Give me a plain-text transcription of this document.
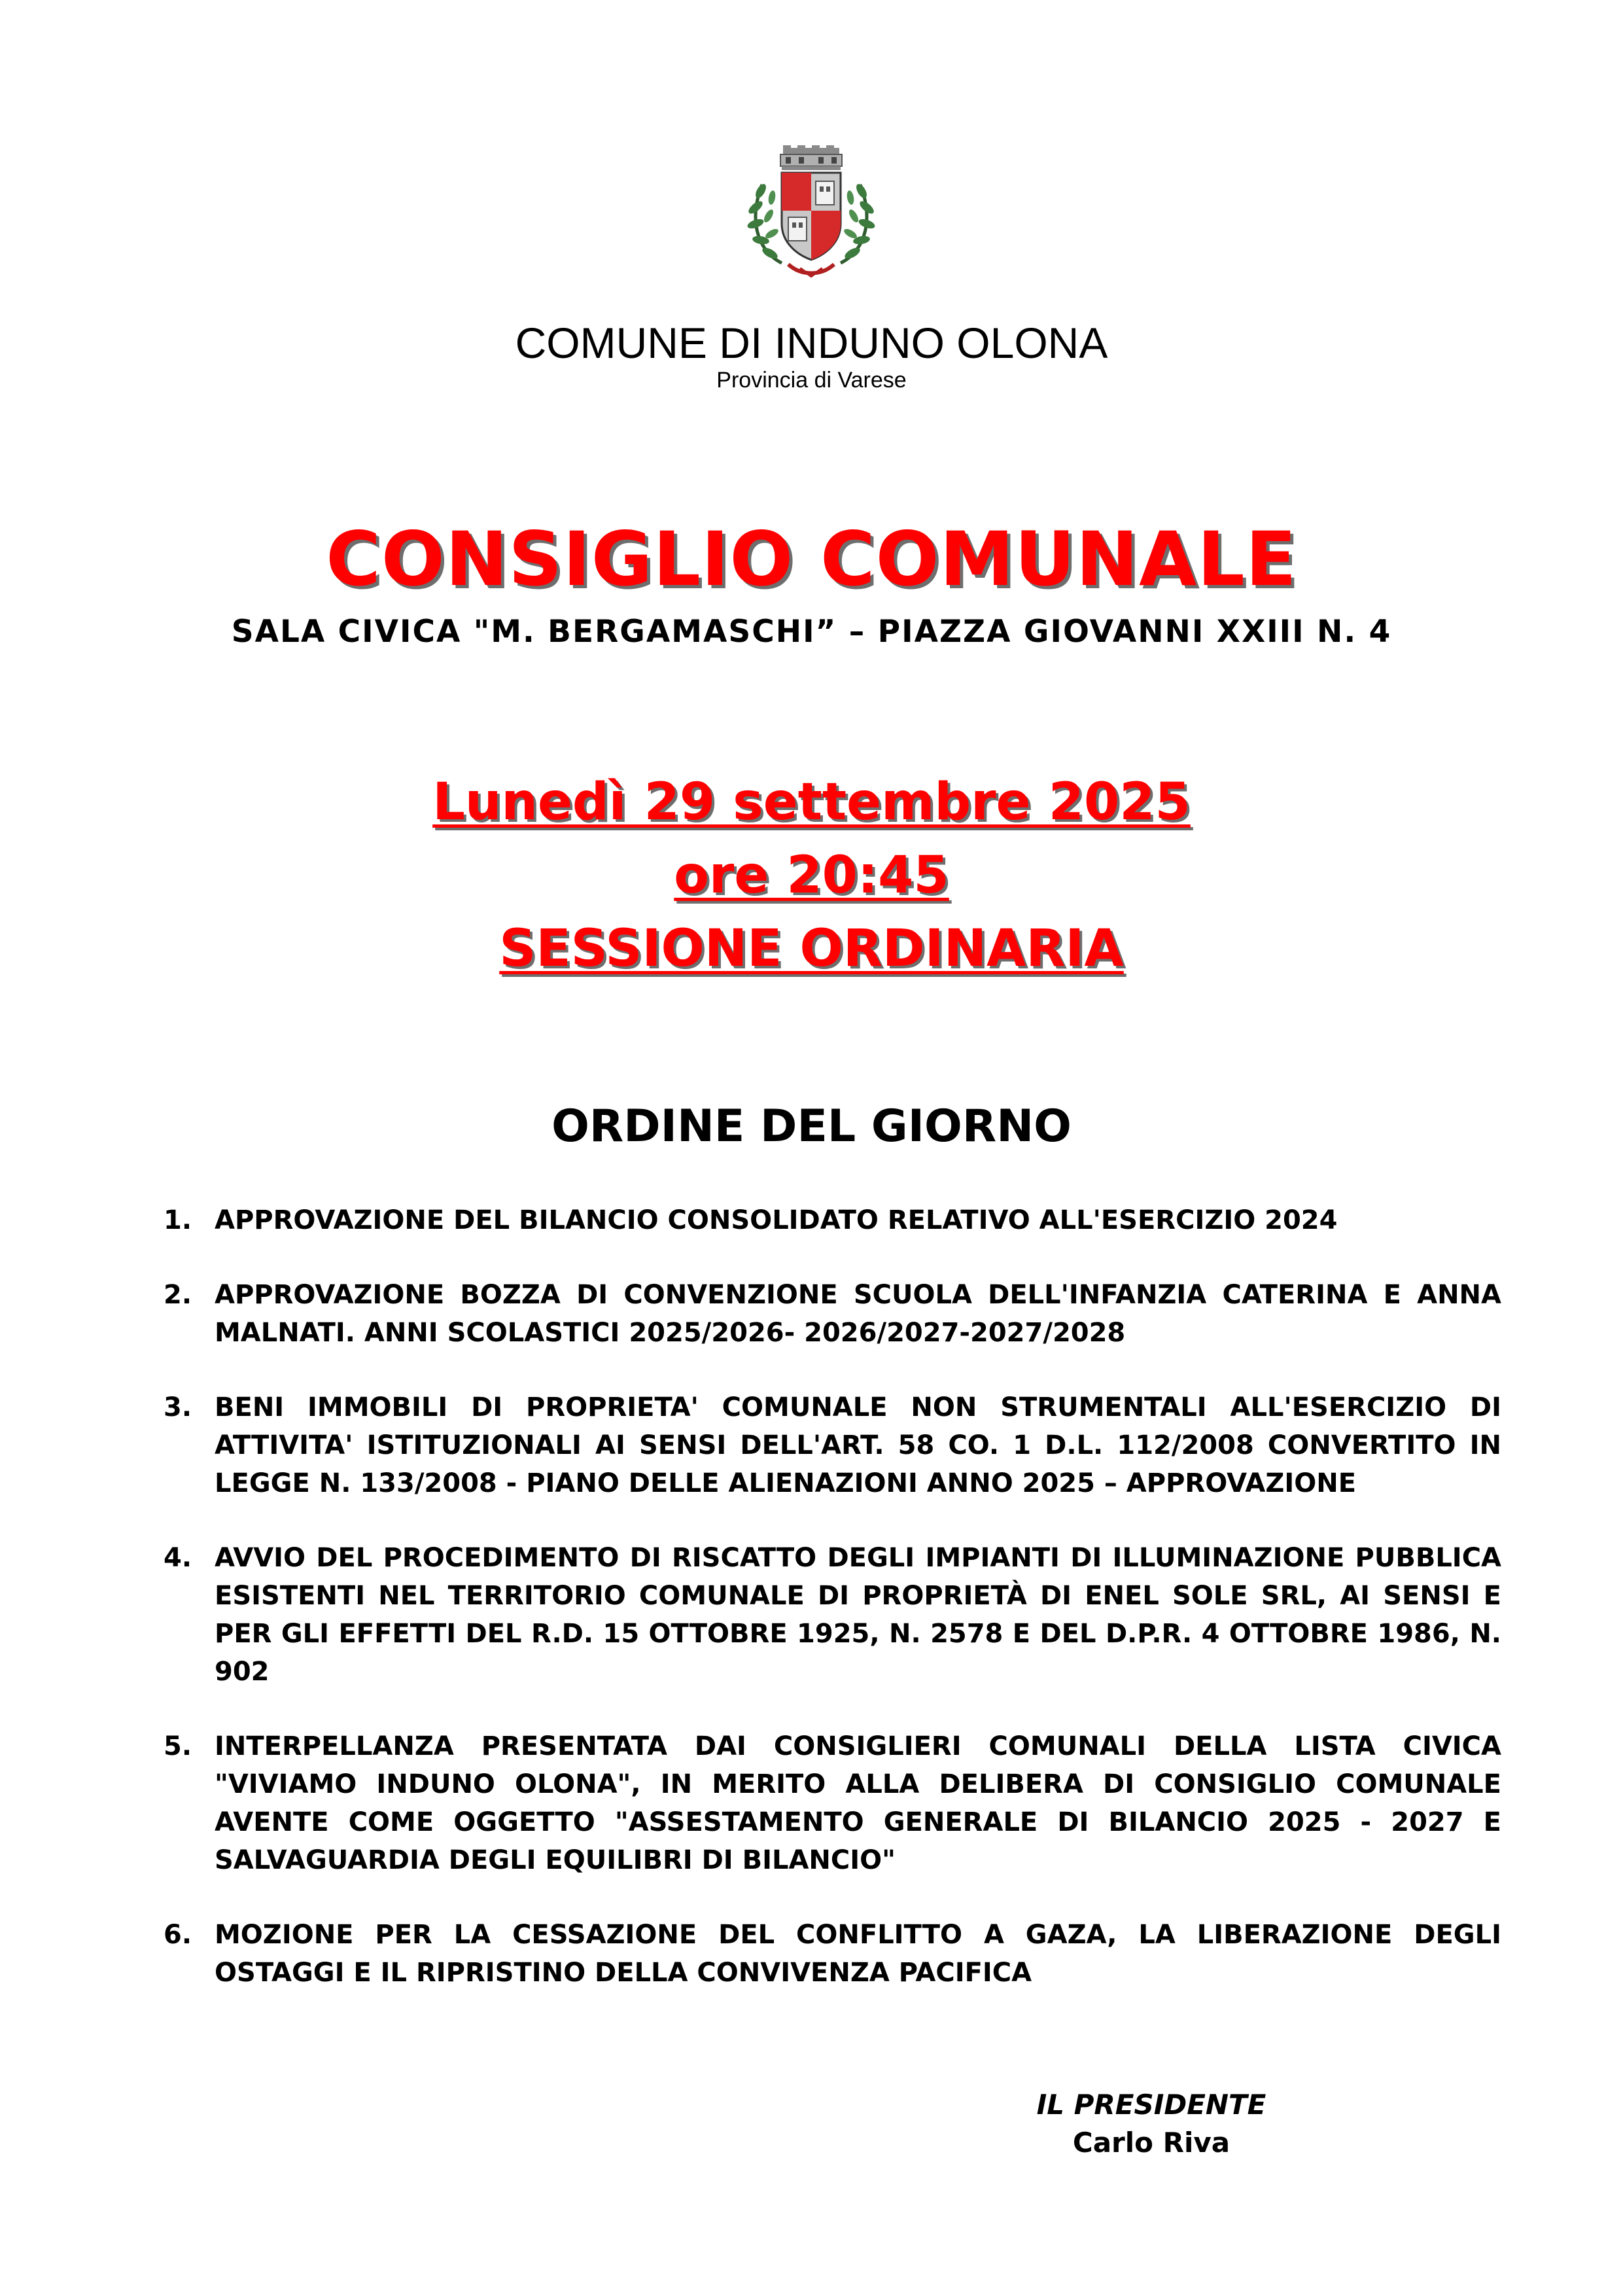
COMUNE DI INDUNO OLONA
Provincia di Varese
CONSIGLIO COMUNALE
SALA CIVICA "M. BERGAMASCHI” – PIAZZA GIOVANNI XXIII N. 4
Lunedì 29 settembre 2025
ore 20:45
SESSIONE ORDINARIA
ORDINE DEL GIORNO
1. APPROVAZIONE DEL BILANCIO CONSOLIDATO RELATIVO ALL'ESERCIZIO 2024
2. APPROVAZIONE BOZZA DI CONVENZIONE SCUOLA DELL'INFANZIA CATERINA E ANNA MALNATI. ANNI SCOLASTICI 2025/2026- 2026/2027-2027/2028
3. BENI IMMOBILI DI PROPRIETA' COMUNALE NON STRUMENTALI ALL'ESERCIZIO DI ATTIVITA' ISTITUZIONALI AI SENSI DELL'ART. 58 CO. 1 D.L. 112/2008 CONVERTITO IN LEGGE N. 133/2008 - PIANO DELLE ALIENAZIONI ANNO 2025 – APPROVAZIONE
4. AVVIO DEL PROCEDIMENTO DI RISCATTO DEGLI IMPIANTI DI ILLUMINAZIONE PUBBLICA ESISTENTI NEL TERRITORIO COMUNALE DI PROPRIETÀ DI ENEL SOLE SRL, AI SENSI E PER GLI EFFETTI DEL R.D. 15 OTTOBRE 1925, N. 2578 E DEL D.P.R. 4 OTTOBRE 1986, N. 902
5. INTERPELLANZA PRESENTATA DAI CONSIGLIERI COMUNALI DELLA LISTA CIVICA "VIVIAMO INDUNO OLONA", IN MERITO ALLA DELIBERA DI CONSIGLIO COMUNALE AVENTE COME OGGETTO "ASSESTAMENTO GENERALE DI BILANCIO 2025 - 2027 E SALVAGUARDIA DEGLI EQUILIBRI DI BILANCIO"
6. MOZIONE PER LA CESSAZIONE DEL CONFLITTO A GAZA, LA LIBERAZIONE DEGLI OSTAGGI E IL RIPRISTINO DELLA CONVIVENZA PACIFICA
IL PRESIDENTE
Carlo Riva
